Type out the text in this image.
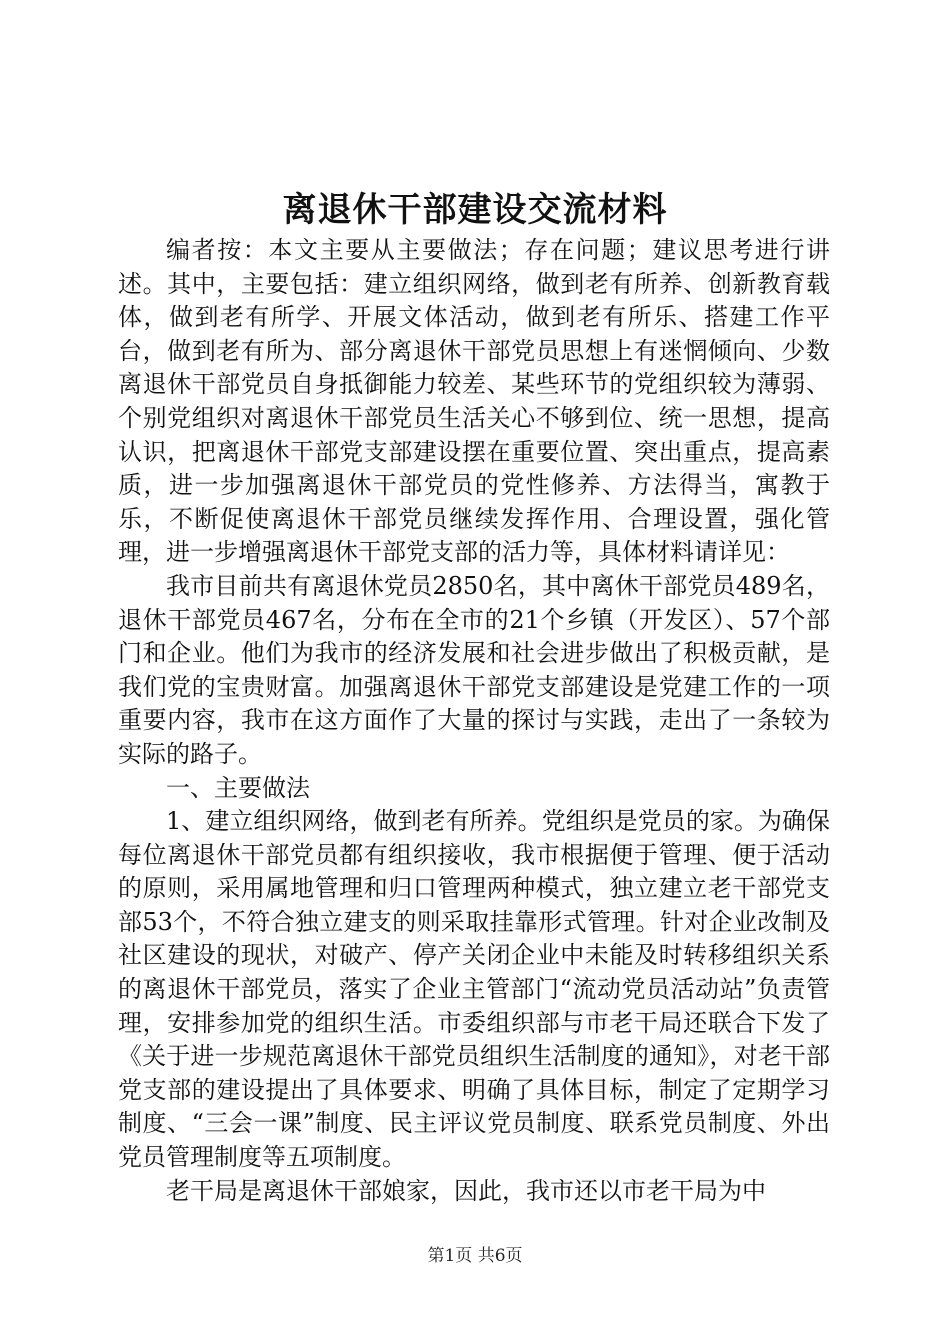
离退休干部建设交流材料

编者按：本文主要从主要做法；存在问题；建议思考进行讲述。其中，主要包括：建立组织网络，做到老有所养、创新教育载体，做到老有所学、开展文体活动，做到老有所乐、搭建工作平台，做到老有所为、部分离退休干部党员思想上有迷惘倾向、少数离退休干部党员自身抵御能力较差、某些环节的党组织较为薄弱、个别党组织对离退休干部党员生活关心不够到位、统一思想，提高认识，把离退休干部党支部建设摆在重要位置、突出重点，提高素质，进一步加强离退休干部党员的党性修养、方法得当，寓教于乐，不断促使离退休干部党员继续发挥作用、合理设置，强化管理，进一步增强离退休干部党支部的活力等，具体材料请详见：

我市目前共有离退休党员2850名，其中离休干部党员489名，退休干部党员467名，分布在全市的21个乡镇（开发区）、57个部门和企业。他们为我市的经济发展和社会进步做出了积极贡献，是我们党的宝贵财富。加强离退休干部党支部建设是党建工作的一项重要内容，我市在这方面作了大量的探讨与实践，走出了一条较为实际的路子。

一、主要做法

1、建立组织网络，做到老有所养。党组织是党员的家。为确保每位离退休干部党员都有组织接收，我市根据便于管理、便于活动的原则，采用属地管理和归口管理两种模式，独立建立老干部党支部53个，不符合独立建支的则采取挂靠形式管理。针对企业改制及社区建设的现状，对破产、停产关闭企业中未能及时转移组织关系的离退休干部党员，落实了企业主管部门“流动党员活动站”负责管理，安排参加党的组织生活。市委组织部与市老干局还联合下发了《关于进一步规范离退休干部党员组织生活制度的通知》，对老干部党支部的建设提出了具体要求、明确了具体目标，制定了定期学习制度、“三会一课”制度、民主评议党员制度、联系党员制度、外出党员管理制度等五项制度。

老干局是离退休干部娘家，因此，我市还以市老干局为中

第1页 共6页
